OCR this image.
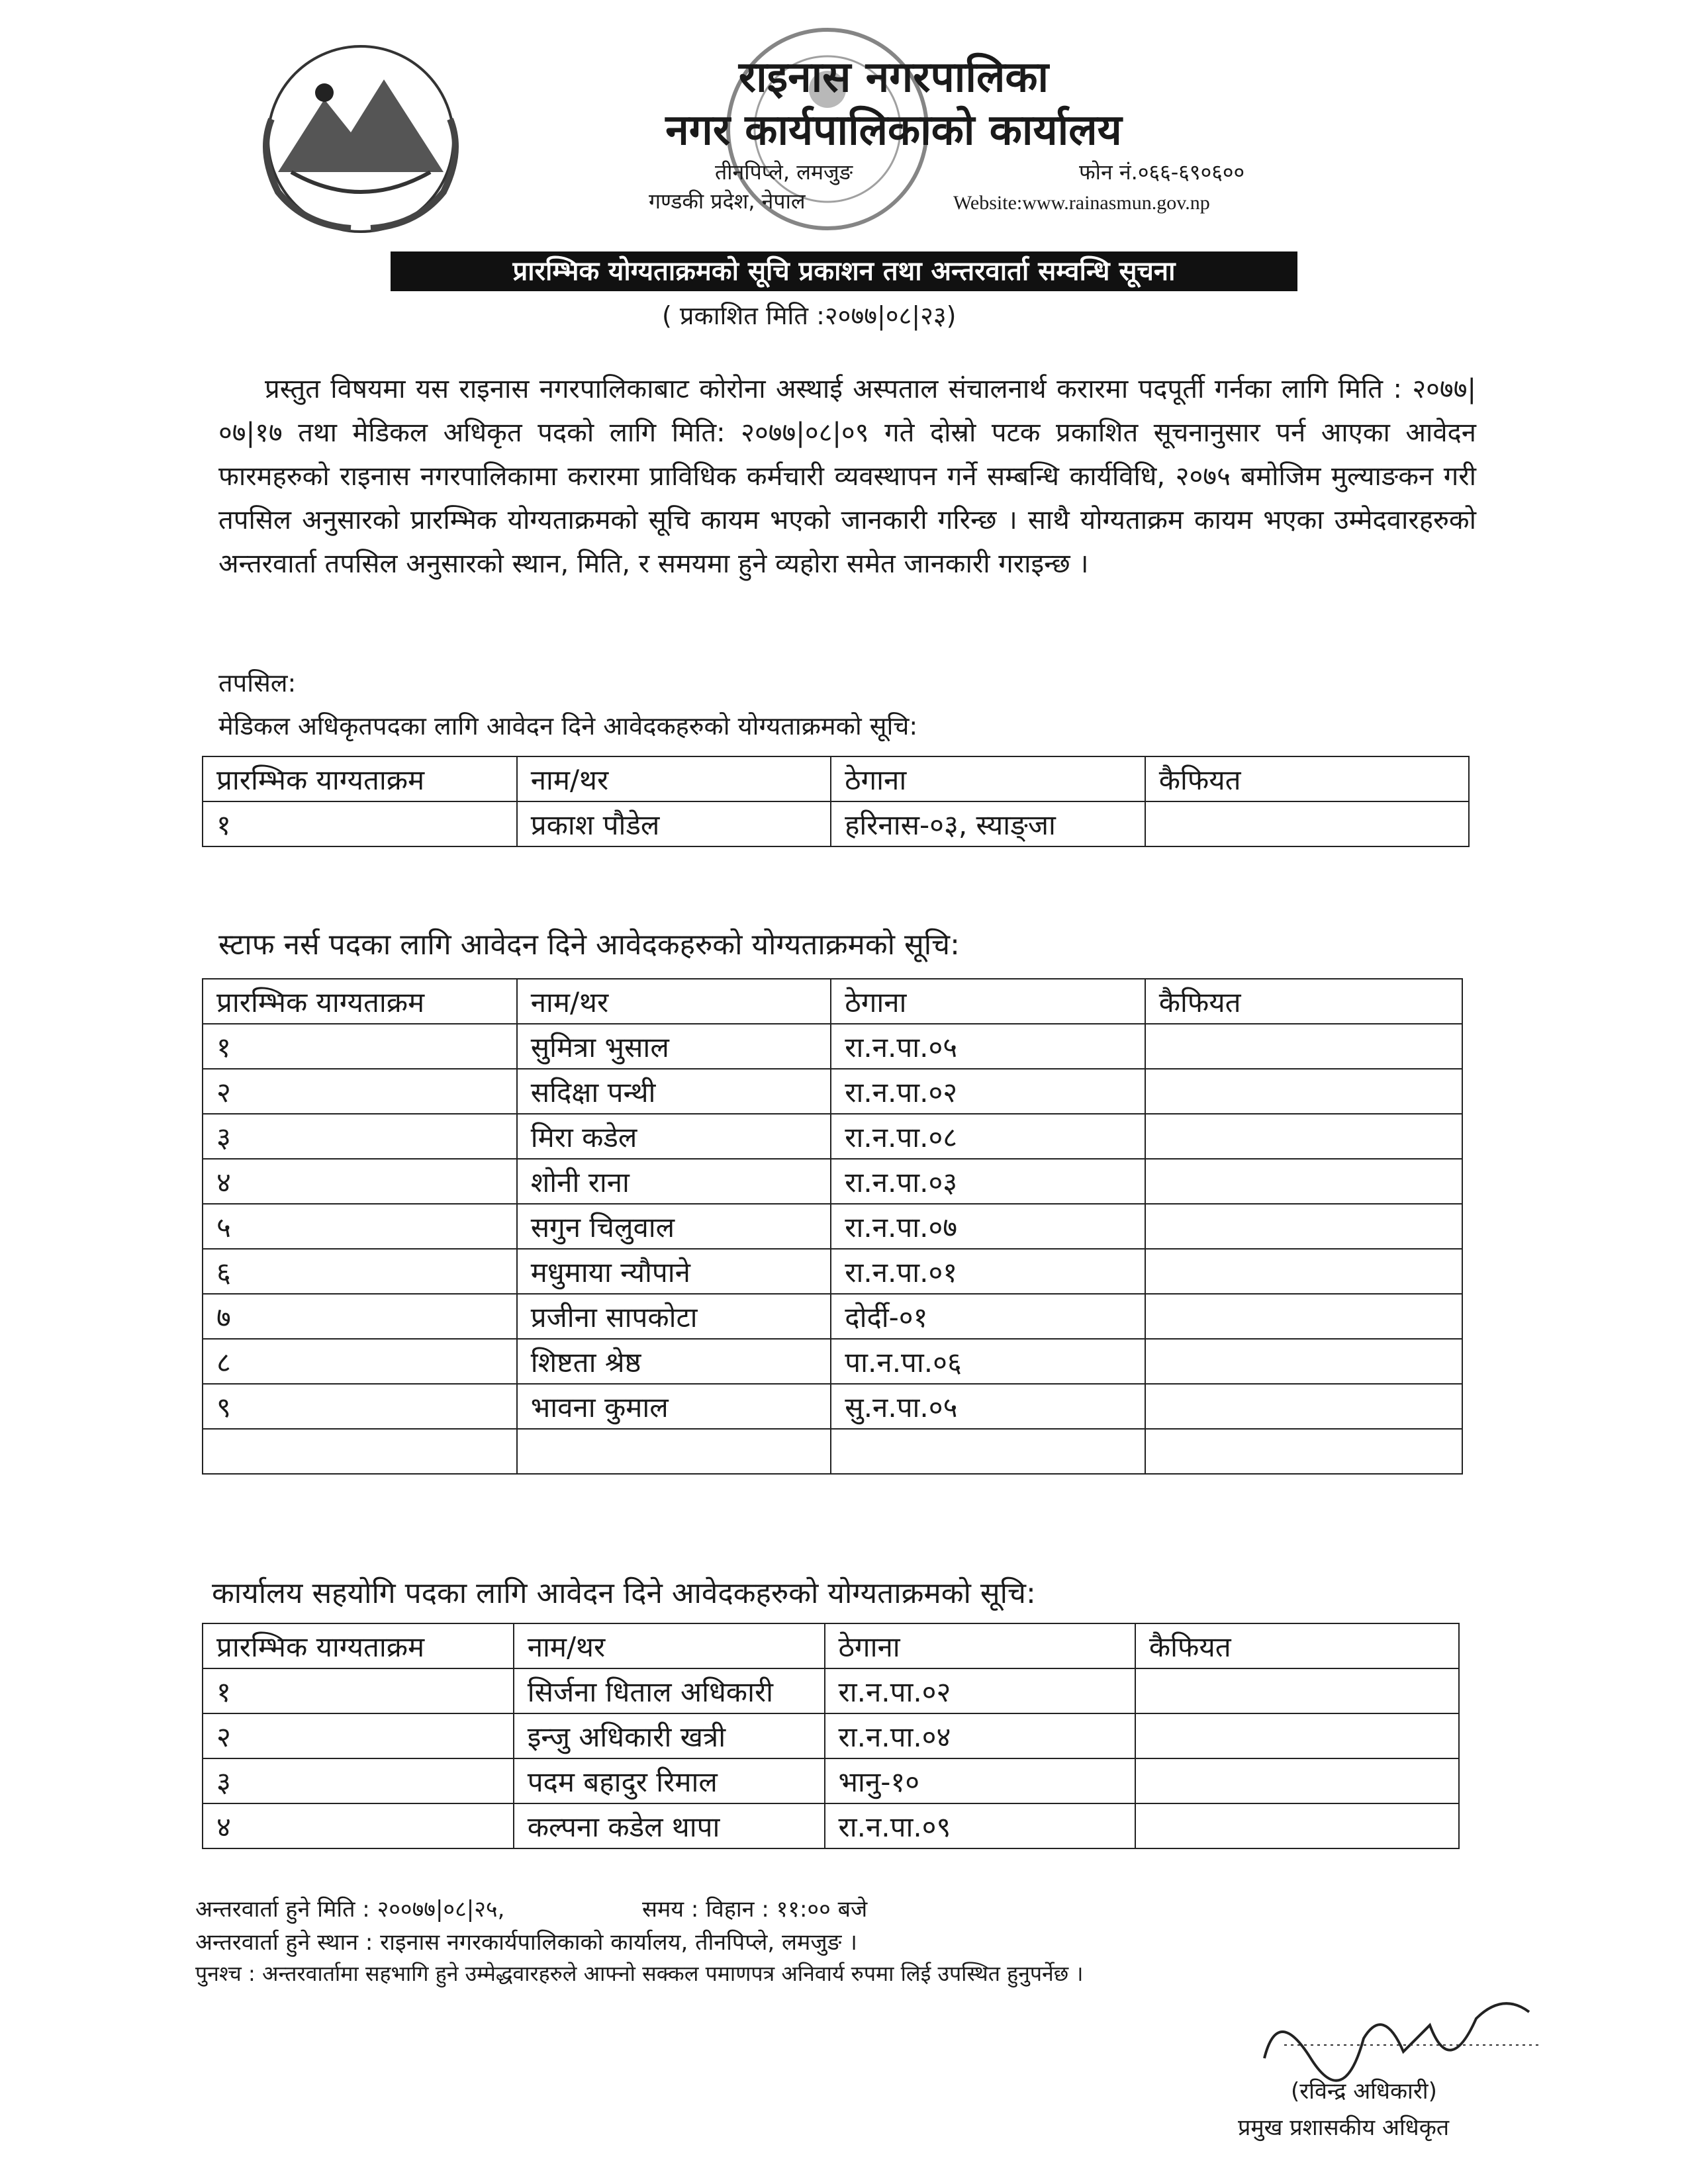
राइनास नगरपालिका
नगर कार्यपालिकाको कार्यालय
तीनपिप्ले, लमजुङ
गण्डकी प्रदेश, नेपाल
फोन नं.०६६-६९०६००
Website:www.rainasmun.gov.np
प्रारम्भिक योग्यताक्रमको सूचि प्रकाशन तथा अन्तरवार्ता सम्वन्धि सूचना
( प्रकाशित मिति :२०७७|०८|२३)
प्रस्तुत विषयमा यस राइनास नगरपालिकाबाट कोरोना अस्थाई अस्पताल संचालनार्थ करारमा पदपूर्ती गर्नका लागि मिति : २०७७|०७|१७ तथा मेडिकल अधिकृत पदको लागि मिति: २०७७|०८|०९ गते दोस्रो पटक प्रकाशित सूचनानुसार पर्न आएका आवेदन फारमहरुको राइनास नगरपालिकामा करारमा प्राविधिक कर्मचारी व्यवस्थापन गर्ने सम्बन्धि कार्यविधि, २०७५ बमोजिम मुल्याङकन गरी तपसिल अनुसारको प्रारम्भिक योग्यताक्रमको सूचि कायम भएको जानकारी गरिन्छ । साथै योग्यताक्रम कायम भएका उम्मेदवारहरुको अन्तरवार्ता तपसिल अनुसारको स्थान, मिति, र समयमा हुने व्यहोरा समेत जानकारी गराइन्छ ।
तपसिल:
मेडिकल अधिकृतपदका लागि आवेदन दिने आवेदकहरुको योग्यताक्रमको सूचि:
प्रारम्भिक याग्यताक्रम	नाम/थर	ठेगाना	कैफियत
१	प्रकाश पौडेल	हरिनास-०३, स्याङ्जा	
स्टाफ नर्स पदका लागि आवेदन दिने आवेदकहरुको योग्यताक्रमको सूचि:
प्रारम्भिक याग्यताक्रम	नाम/थर	ठेगाना	कैफियत
१	सुमित्रा भुसाल	रा.न.पा.०५	
२	सदिक्षा पन्थी	रा.न.पा.०२	
३	मिरा कडेल	रा.न.पा.०८	
४	शोनी राना	रा.न.पा.०३	
५	सगुन चिलुवाल	रा.न.पा.०७	
६	मधुमाया न्यौपाने	रा.न.पा.०१	
७	प्रजीना सापकोटा	दोर्दी-०१	
८	शिष्टता श्रेष्ठ	पा.न.पा.०६	
९	भावना कुमाल	सु.न.पा.०५	

कार्यालय सहयोगि पदका लागि आवेदन दिने आवेदकहरुको योग्यताक्रमको सूचि:
प्रारम्भिक याग्यताक्रम	नाम/थर	ठेगाना	कैफियत
१	सिर्जना धिताल अधिकारी	रा.न.पा.०२	
२	इन्जु अधिकारी खत्री	रा.न.पा.०४	
३	पदम बहादुर रिमाल	भानु-१०	
४	कल्पना कडेल थापा	रा.न.पा.०९	
अन्तरवार्ता हुने मिति : २००७७|०८|२५,	समय : विहान : ११:०० बजे
अन्तरवार्ता हुने स्थान : राइनास नगरकार्यपालिकाको कार्यालय, तीनपिप्ले, लमजुङ ।
पुनश्च : अन्तरवार्तामा सहभागि हुने उम्मेद्धवारहरुले आफ्नो सक्कल पमाणपत्र अनिवार्य रुपमा लिई उपस्थित हुनुपर्नेछ ।
(रविन्द्र अधिकारी)
प्रमुख प्रशासकीय अधिकृत
